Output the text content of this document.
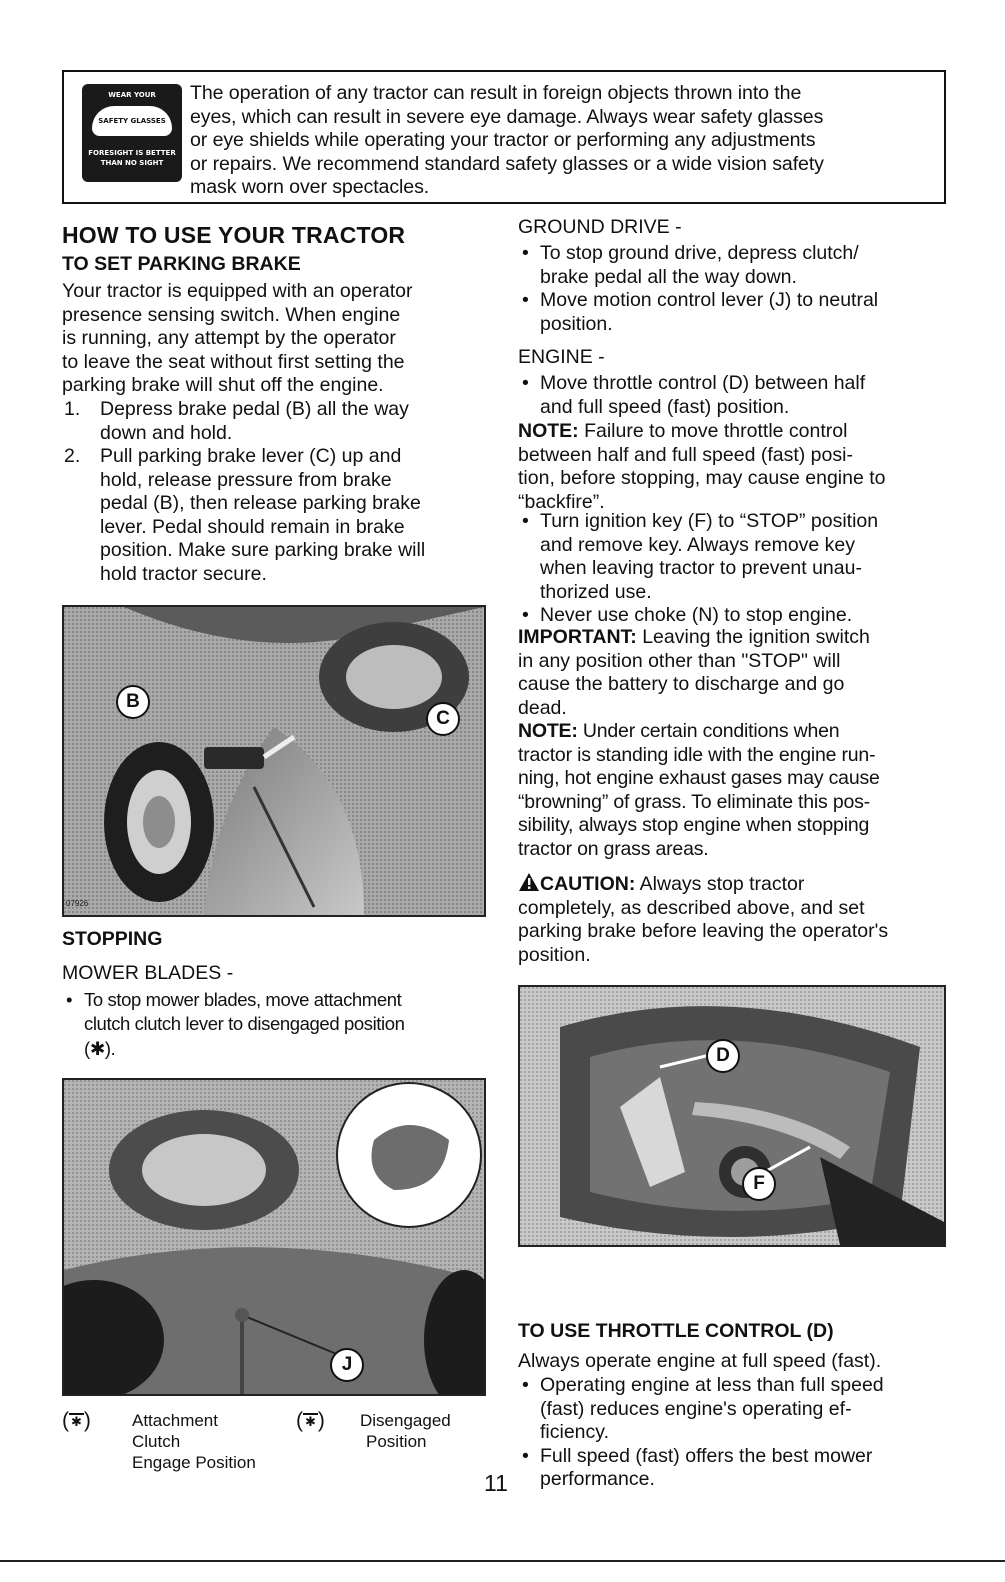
WEAR YOUR
SAFETY GLASSES
FORESIGHT IS BETTER THAN NO SIGHT
The operation of any tractor can result in foreign objects thrown into the
eyes, which can result in severe eye damage. Always wear safety glasses
or eye shields while operating your tractor or performing any adjustments
or repairs. We recommend standard safety glasses or a wide vision safety
mask worn over spectacles.
HOW TO USE YOUR TRACTOR
TO SET PARKING BRAKE
Your tractor is equipped with an operator
presence sensing switch. When engine
is running, any attempt by the operator
to leave the seat without first setting the
parking brake will shut off the engine.
1. Depress brake pedal (B) all the way
down and hold.
2. Pull parking brake lever (C) up and
hold, release pressure from brake
pedal (B), then release parking brake
lever. Pedal should remain in brake
position. Make sure parking brake will
hold tractor secure.
B
C
07926
STOPPING
MOWER BLADES -
• To stop mower blades, move attachment
clutch clutch lever to disengaged position
(✱).
J
( ✱)	Attachment
Clutch
Engage Position
( ✱)	Disengaged
Position
GROUND DRIVE -
• To stop ground drive, depress clutch/
brake pedal all the way down.
• Move motion control lever (J) to neutral
position.
ENGINE -
• Move throttle control (D) between half
and full speed (fast) position.
NOTE: Failure to move throttle control
between half and full speed (fast) posi-
tion, before stopping, may cause engine to
“backfire”.
• Turn ignition key (F) to “STOP” position
and remove key. Always remove key
when leaving tractor to prevent unau-
thorized use.
• Never use choke (N) to stop engine.
IMPORTANT: Leaving the ignition switch
in any position other than "STOP" will
cause the battery to discharge and go
dead.
NOTE: Under certain conditions when
tractor is standing idle with the engine run-
ning, hot engine exhaust gases may cause
“browning” of grass. To eliminate this pos-
sibility, always stop engine when stopping
tractor on grass areas.
CAUTION: Always stop tractor
completely, as described above, and set
parking brake before leaving the operator's
position.
D
F
TO USE THROTTLE CONTROL (D)
Always operate engine at full speed (fast).
• Operating engine at less than full speed
(fast) reduces engine's operating ef-
ficiency.
• Full speed (fast) offers the best mower
performance.
11
